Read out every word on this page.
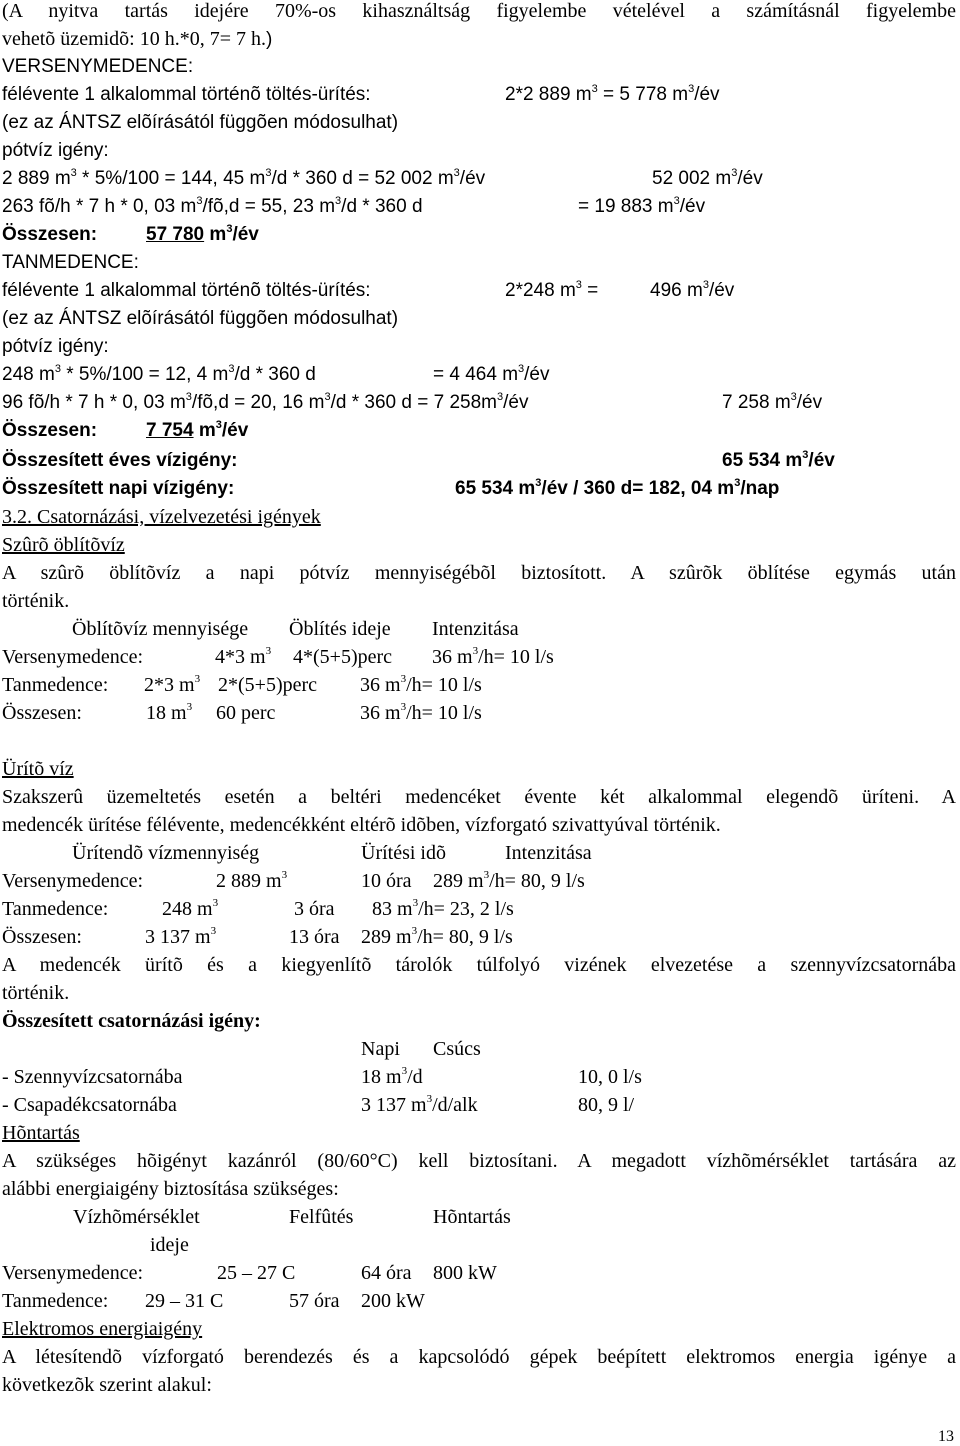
(A nyitva tartás idejére 70%-os kihasználtság figyelembe vételével a számításnál figyelembe
vehetõ üzemidõ: 10 h.*0, 7= 7 h.)
VERSENYMEDENCE:
félévente 1 alkalommal történõ töltés-ürítés:	2*2 889 $m^3 = 5$ 778 $m^3/év$
(ez az ÁNTSZ elõírásától függõen módosulhat)
pótvíz igény:
2 889 $m^3 * 5\%/100 = 144$, 45 $m^3/d * 360$ d = 52 002 $m^3/év$	52 002 $m^3/év$
263 fõ/h * 7 h * 0, 03 $m^3/fõ,d = 55$, 23 $m^3/d * 360$ d	= 19 883 $m^3/év$
Összesen:	57 780 $m^3/év$
TANMEDENCE:
félévente 1 alkalommal történõ töltés-ürítés:	2*248 $m^3$ =	496 $m^3/év$
(ez az ÁNTSZ elõírásától függõen módosulhat)
pótvíz igény:
248 $m^3 * 5\%/100 = 12$, 4 $m^3/d * 360$ d	= 4 464 $m^3/év$
96 fõ/h * 7 h * 0, 03 $m^3/fõ,d = 20$, 16 $m^3/d * 360$ d = 7 $258m^3/év$	7 258 $m^3/év$
Összesen:	7 754 $m^3/év$
Összesített éves vízigény:	65 534 $m^3/év$
Összesített napi vízigény:	65 534 $m^3/év / 360$ d= 182, 04 $m^3$/nap
3.2. Csatornázási, vízelvezetési igények
Szûrõ öblítõvíz
A szûrõ öblítõvíz a napi pótvíz mennyiségébõl biztosított. A szûrõk öblítése egymás után
történik.
Öblítõvíz mennyisége Öblítés ideje Intenzitása
Versenymedence:	4*3 $m^3$ 4*(5+5)perc 36 $m^3/h= 10$ l/s
Tanmedence: 2*3 $m^3$ 2*(5+5)perc 36 $m^3/h= 10$ l/s
Összesen:	18 $m^3$ 60 perc	36 $m^3/h= 10$ l/s
Ürítõ víz
Szakszerû üzemeltetés esetén a beltéri medencéket évente két alkalommal elegendõ üríteni. A
medencék ürítése félévente, medencékként eltérõ idõben, vízforgató szivattyúval történik.
Ürítendõ vízmennyiség	Ürítési idõ	Intenzitása
Versenymedence:	2 889 $m^3$	10 óra 289 $m^3/h= 80$, 9 l/s
Tanmedence:	248 $m^3$	3 óra 83 $m^3/h= 23$, 2 l/s
Összesen:	3 137 $m^3$	13 óra 289 $m^3/h= 80$, 9 l/s
A medencék ürítõ és a kiegyenlítõ tárolók túlfolyó vizének elvezetése a szennyvízcsatornába
történik.
Összesített csatornázási igény:
Napi Csúcs
- Szennyvízcsatornába	18 $m^3/d$	10, 0 l/s
- Csapadékcsatornába	3 137 $m^3/d$/alk	80, 9 l/
Hõntartás
A szükséges hõigényt kazánról (80/60°C) kell biztosítani. A megadott vízhõmérséklet tartására az
alábbi energiaigény biztosítása szükséges:
Vízhõmérséklet	Felfûtés	Hõntartás
ideje
Versenymedence:	25 – 27 C	64 óra 800 kW
Tanmedence: 29 – 31 C	57 óra 200 kW
Elektromos energiaigény
A létesítendõ vízforgató berendezés és a kapcsolódó gépek beépített elektromos energia igénye a
következõk szerint alakul:
13
